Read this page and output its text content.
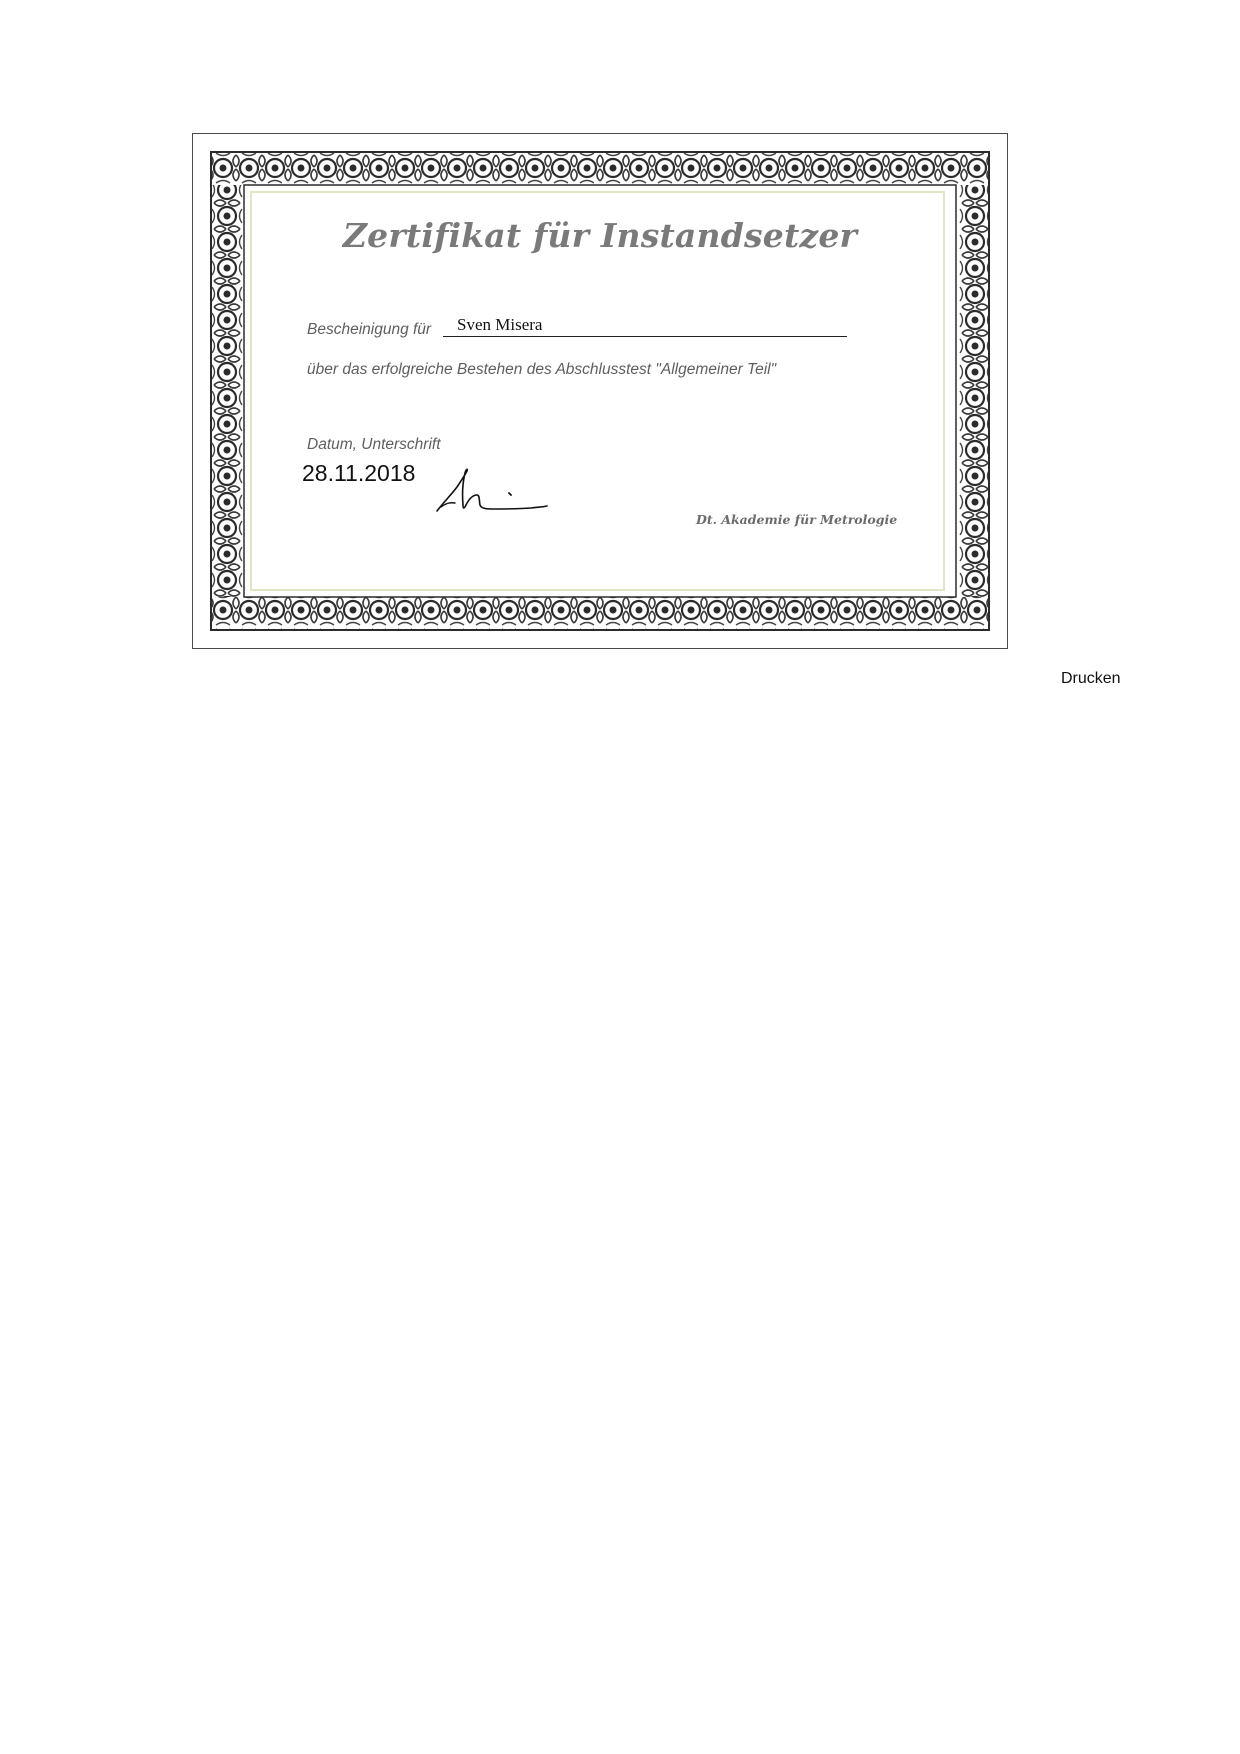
Zertifikat für Instandsetzer
Bescheinigung für Sven Misera
über das erfolgreiche Bestehen des Abschlusstest "Allgemeiner Teil"
Datum, Unterschrift
28.11.2018
Dt. Akademie für Metrologie
Drucken
